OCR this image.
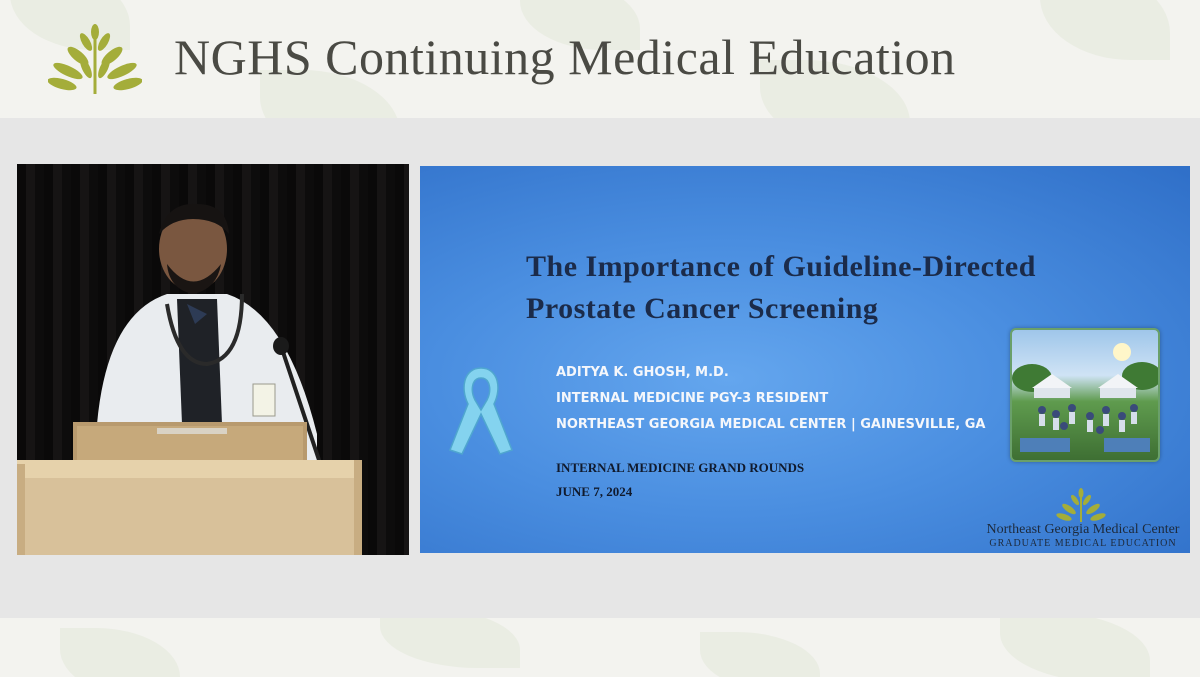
NGHS Continuing Medical Education
The Importance of Guideline-Directed
Prostate Cancer Screening
ADITYA K. GHOSH, M.D.
INTERNAL MEDICINE PGY-3 RESIDENT
NORTHEAST GEORGIA MEDICAL CENTER | GAINESVILLE, GA
INTERNAL MEDICINE GRAND ROUNDS
JUNE 7, 2024
Northeast Georgia Medical Center
GRADUATE MEDICAL EDUCATION
